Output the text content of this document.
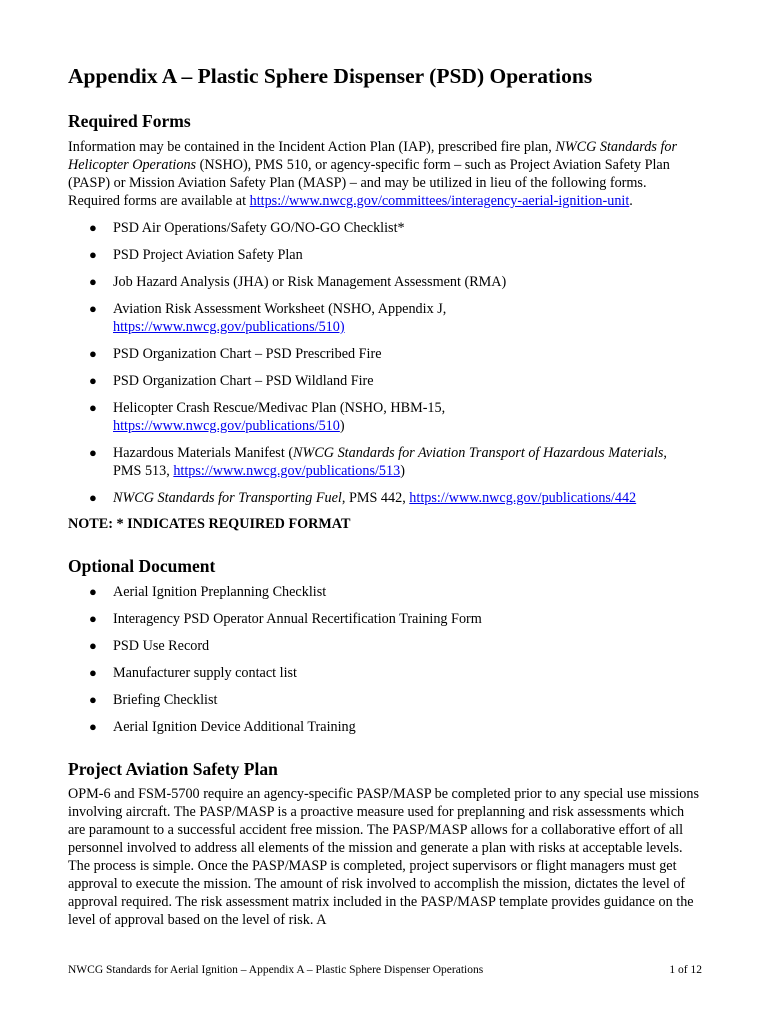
Appendix A – Plastic Sphere Dispenser (PSD) Operations
Required Forms

Information may be contained in the Incident Action Plan (IAP), prescribed fire plan, NWCG Standards for Helicopter Operations (NSHO), PMS 510, or agency-specific form – such as Project Aviation Safety Plan (PASP) or Mission Aviation Safety Plan (MASP) – and may be utilized in lieu of the following forms. Required forms are available at https://www.nwcg.gov/committees/interagency-aerial-ignition-unit.

● PSD Air Operations/Safety GO/NO-GO Checklist*
● PSD Project Aviation Safety Plan
● Job Hazard Analysis (JHA) or Risk Management Assessment (RMA)
● Aviation Risk Assessment Worksheet (NSHO, Appendix J,
https://www.nwcg.gov/publications/510)
● PSD Organization Chart – PSD Prescribed Fire
● PSD Organization Chart – PSD Wildland Fire
● Helicopter Crash Rescue/Medivac Plan (NSHO, HBM-15,
https://www.nwcg.gov/publications/510)
● Hazardous Materials Manifest (NWCG Standards for Aviation Transport of Hazardous Materials, PMS 513, https://www.nwcg.gov/publications/513)
● NWCG Standards for Transporting Fuel, PMS 442, https://www.nwcg.gov/publications/442

NOTE: * INDICATES REQUIRED FORMAT

Optional Document
● Aerial Ignition Preplanning Checklist
● Interagency PSD Operator Annual Recertification Training Form
● PSD Use Record
● Manufacturer supply contact list
● Briefing Checklist
● Aerial Ignition Device Additional Training
Project Aviation Safety Plan

OPM-6 and FSM-5700 require an agency-specific PASP/MASP be completed prior to any special use missions involving aircraft. The PASP/MASP is a proactive measure used for preplanning and risk assessments which are paramount to a successful accident free mission. The PASP/MASP allows for a collaborative effort of all personnel involved to address all elements of the mission and generate a plan with risks at acceptable levels. The process is simple. Once the PASP/MASP is completed, project supervisors or flight managers must get approval to execute the mission. The amount of risk involved to accomplish the mission, dictates the level of approval required. The risk assessment matrix included in the PASP/MASP template provides guidance on the level of approval based on the level of risk. A

NWCG Standards for Aerial Ignition – Appendix A – Plastic Sphere Dispenser Operations	1 of 12
